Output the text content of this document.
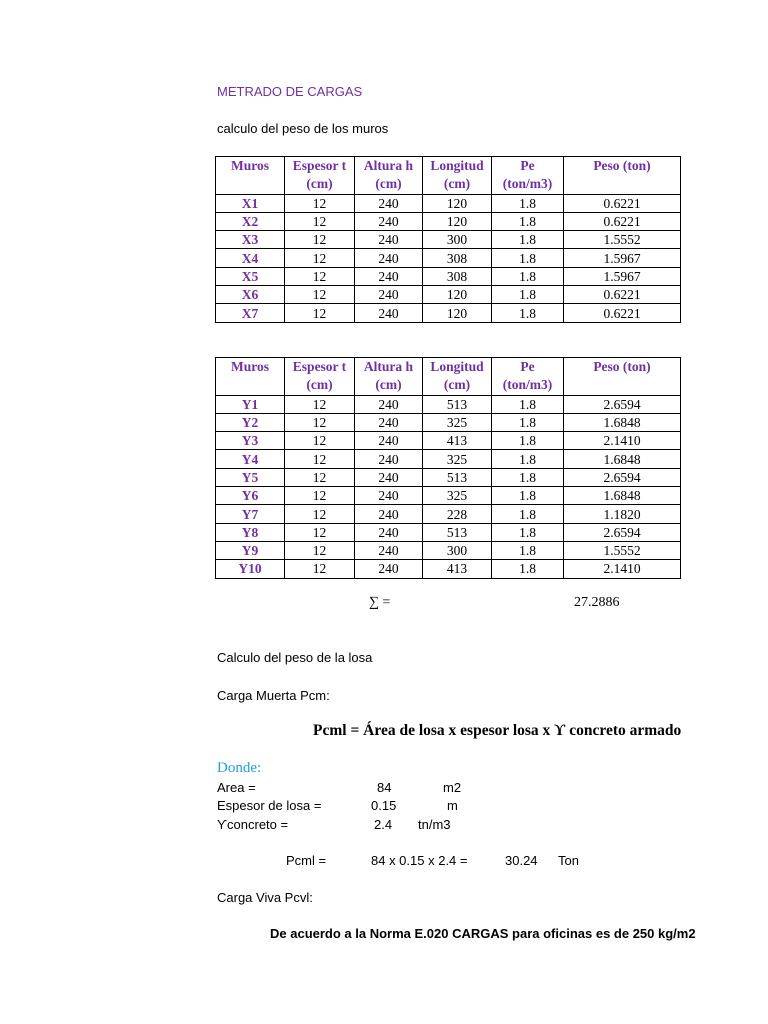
METRADO DE CARGAS
calculo del peso de los muros
Muros	Espesor t	Altura h	Longitud	Pe	Peso (ton)
	(cm)	(cm)	(cm)	(ton/m3)	
X1	12	240	120	1.8	0.6221
X2	12	240	120	1.8	0.6221
X3	12	240	300	1.8	1.5552
X4	12	240	308	1.8	1.5967
X5	12	240	308	1.8	1.5967
X6	12	240	120	1.8	0.6221
X7	12	240	120	1.8	0.6221
Muros	Espesor t	Altura h	Longitud	Pe	Peso (ton)
	(cm)	(cm)	(cm)	(ton/m3)	
Y1	12	240	513	1.8	2.6594
Y2	12	240	325	1.8	1.6848
Y3	12	240	413	1.8	2.1410
Y4	12	240	325	1.8	1.6848
Y5	12	240	513	1.8	2.6594
Y6	12	240	325	1.8	1.6848
Y7	12	240	228	1.8	1.1820
Y8	12	240	513	1.8	2.6594
Y9	12	240	300	1.8	1.5552
Y10	12	240	413	1.8	2.1410
∑ =	27.2886
Calculo del peso de la losa
Carga Muerta Pcm:
Pcml = Área de losa x espesor losa x ϒ concreto armado
Donde:
Area =	84	m2
Espesor de losa =	0.15	m
ϒconcreto =	2.4 tn/m3
Pcml =	84 x 0.15 x 2.4 =	30.24 Ton
Carga Viva Pcvl:
De acuerdo a la Norma E.020 CARGAS para oficinas es de 250 kg/m2
